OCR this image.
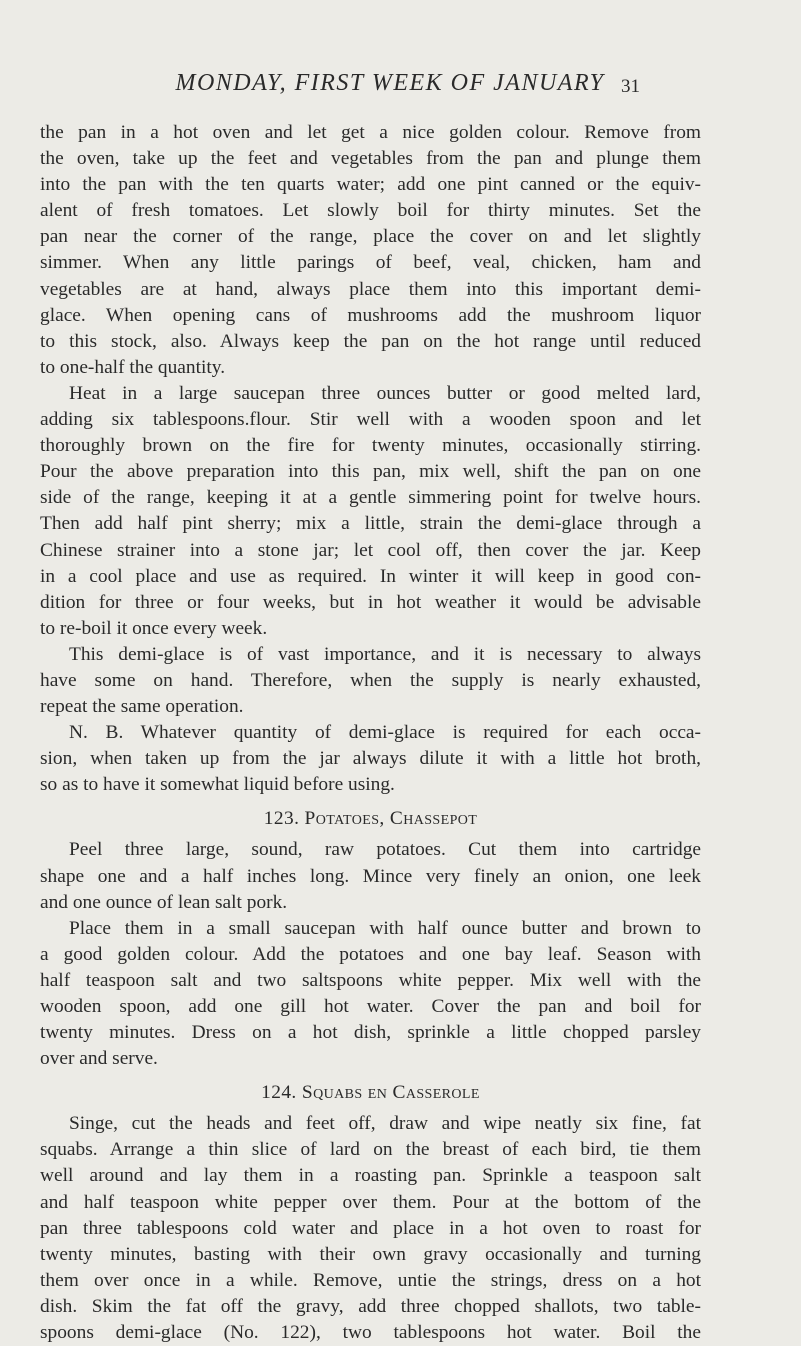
MONDAY, FIRST WEEK OF JANUARY 31
the pan in a hot oven and let get a nice golden colour. Remove from
the oven, take up the feet and vegetables from the pan and plunge them
into the pan with the ten quarts water; add one pint canned or the equiv-
alent of fresh tomatoes. Let slowly boil for thirty minutes. Set the
pan near the corner of the range, place the cover on and let slightly
simmer. When any little parings of beef, veal, chicken, ham and
vegetables are at hand, always place them into this important demi-
glace. When opening cans of mushrooms add the mushroom liquor
to this stock, also. Always keep the pan on the hot range until reduced
to one-half the quantity.
Heat in a large saucepan three ounces butter or good melted lard,
adding six tablespoons.flour. Stir well with a wooden spoon and let
thoroughly brown on the fire for twenty minutes, occasionally stirring.
Pour the above preparation into this pan, mix well, shift the pan on one
side of the range, keeping it at a gentle simmering point for twelve hours.
Then add half pint sherry; mix a little, strain the demi-glace through a
Chinese strainer into a stone jar; let cool off, then cover the jar. Keep
in a cool place and use as required. In winter it will keep in good con-
dition for three or four weeks, but in hot weather it would be advisable
to re-boil it once every week.
This demi-glace is of vast importance, and it is necessary to always
have some on hand. Therefore, when the supply is nearly exhausted,
repeat the same operation.
N. B. Whatever quantity of demi-glace is required for each occa-
sion, when taken up from the jar always dilute it with a little hot broth,
so as to have it somewhat liquid before using.
123. Potatoes, Chassepot
Peel three large, sound, raw potatoes. Cut them into cartridge
shape one and a half inches long. Mince very finely an onion, one leek
and one ounce of lean salt pork.
Place them in a small saucepan with half ounce butter and brown to
a good golden colour. Add the potatoes and one bay leaf. Season with
half teaspoon salt and two saltspoons white pepper. Mix well with the
wooden spoon, add one gill hot water. Cover the pan and boil for
twenty minutes. Dress on a hot dish, sprinkle a little chopped parsley
over and serve.
124. Squabs en Casserole
Singe, cut the heads and feet off, draw and wipe neatly six fine, fat
squabs. Arrange a thin slice of lard on the breast of each bird, tie them
well around and lay them in a roasting pan. Sprinkle a teaspoon salt
and half teaspoon white pepper over them. Pour at the bottom of the
pan three tablespoons cold water and place in a hot oven to roast for
twenty minutes, basting with their own gravy occasionally and turning
them over once in a while. Remove, untie the strings, dress on a hot
dish. Skim the fat off the gravy, add three chopped shallots, two table-
spoons demi-glace (No. 122), two tablespoons hot water. Boil the
